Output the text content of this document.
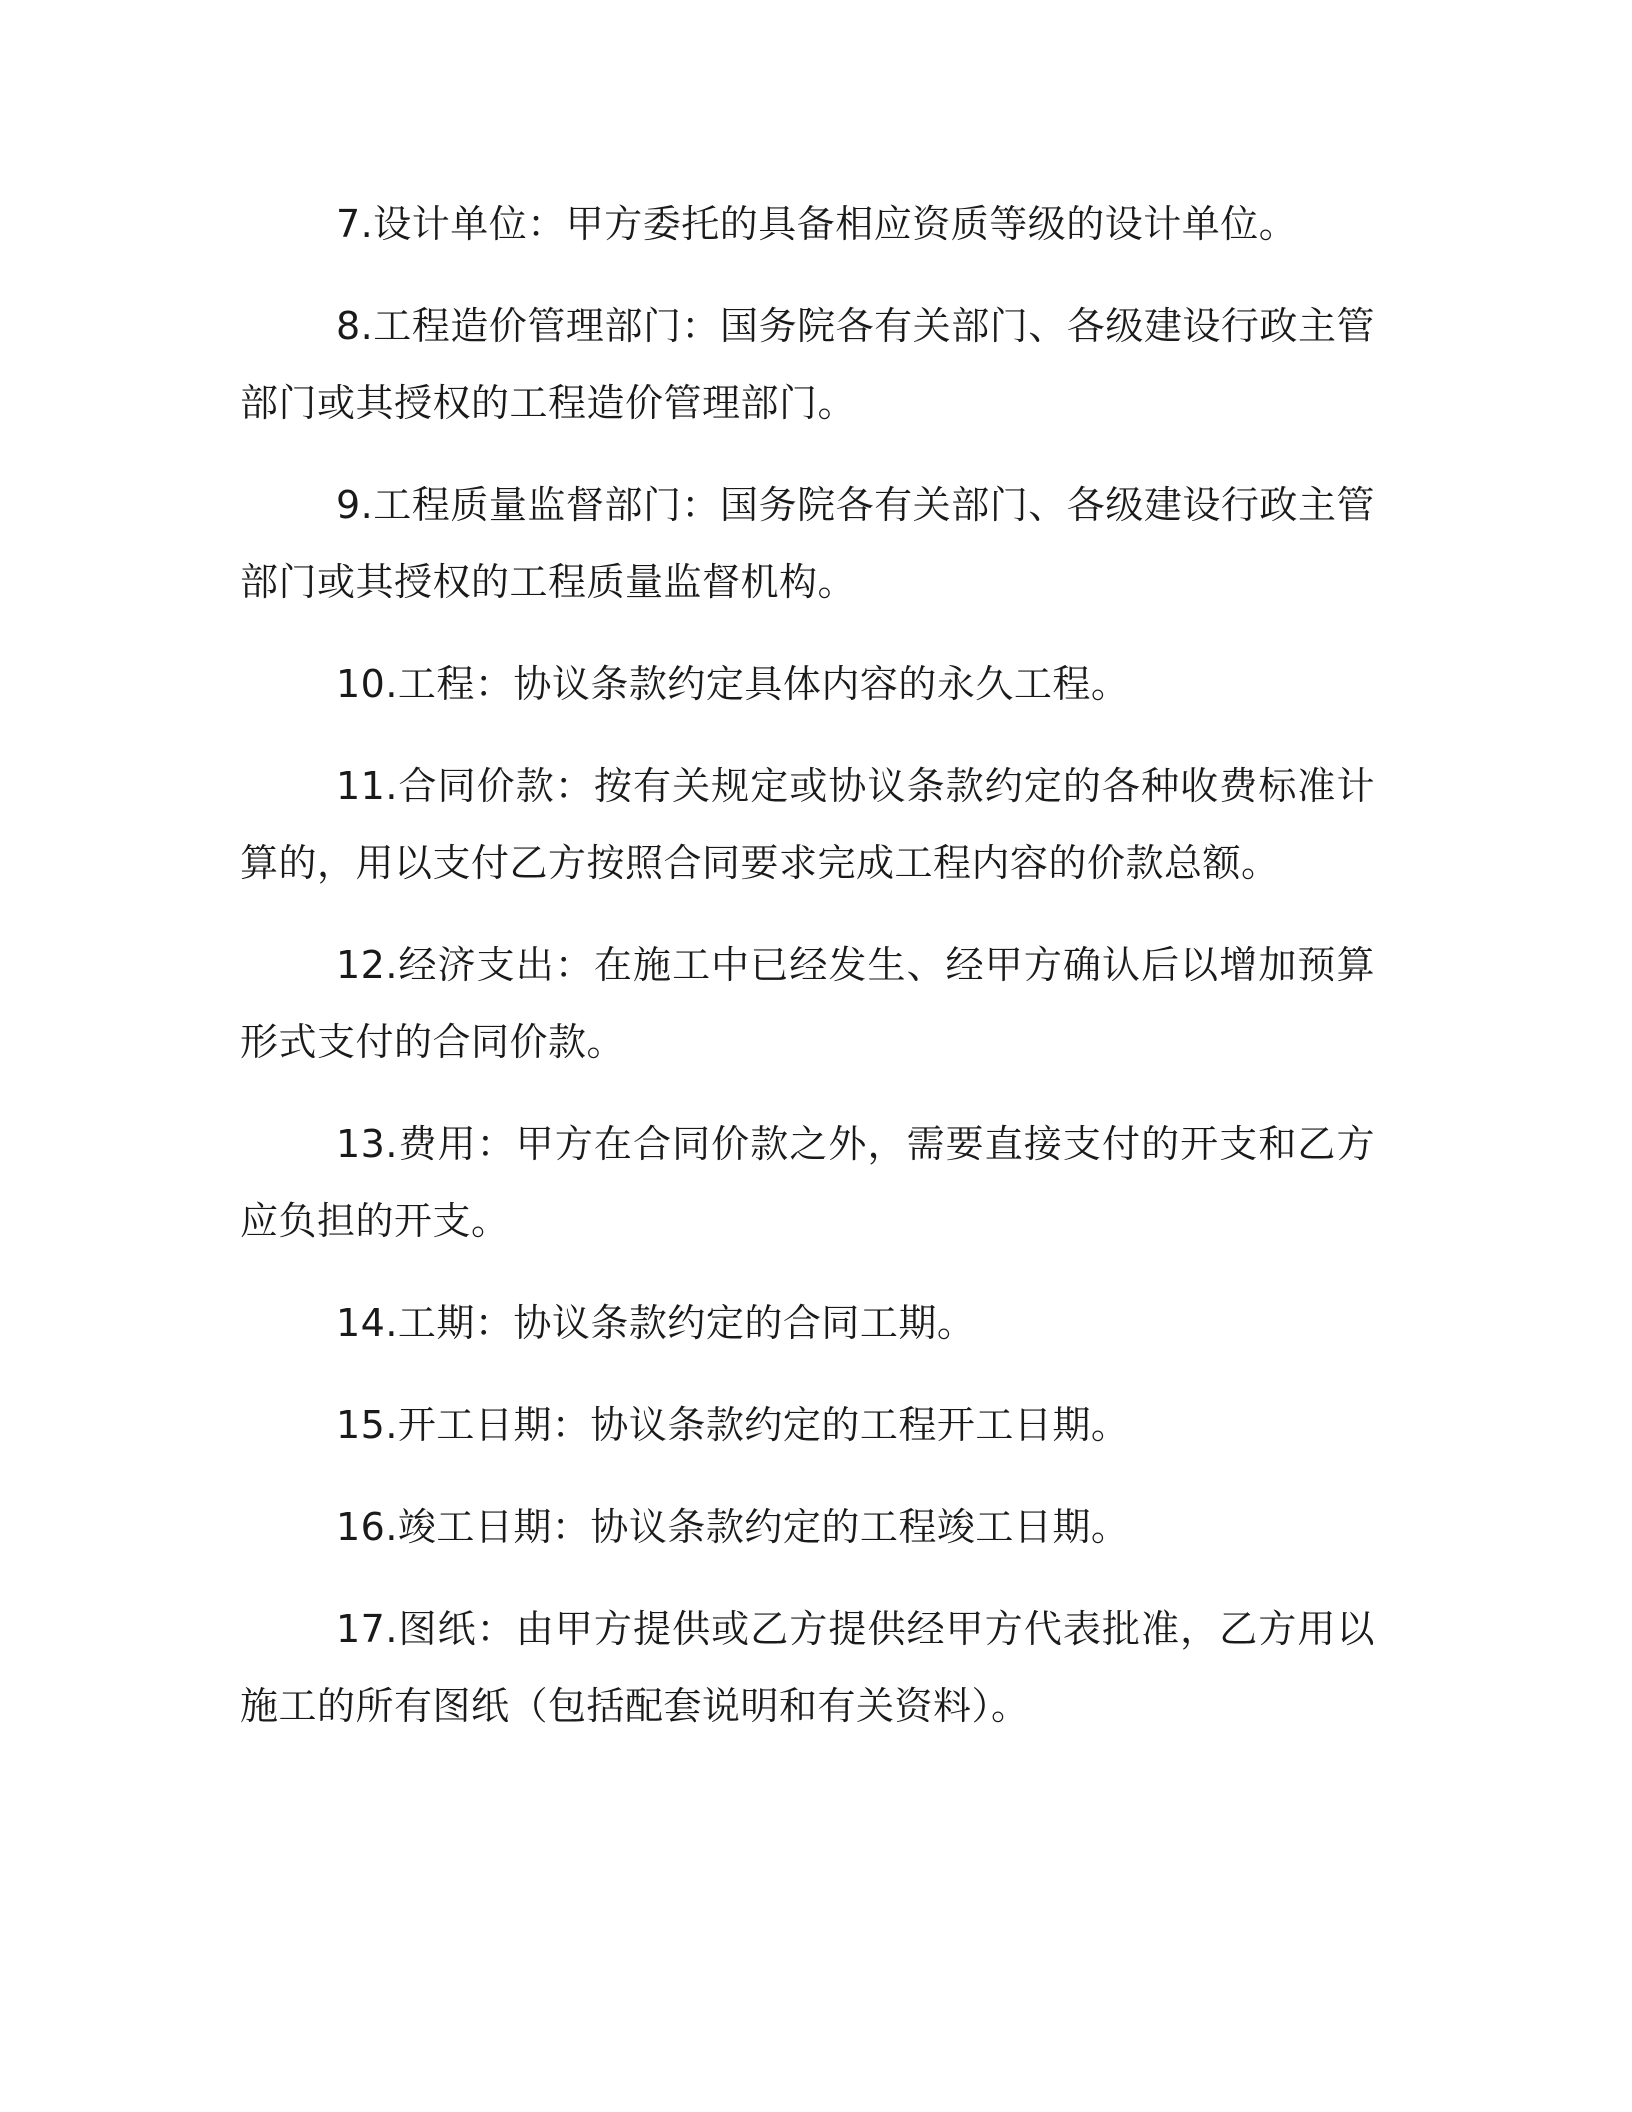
7.设计单位：甲方委托的具备相应资质等级的设计单位。

8.工程造价管理部门：国务院各有关部门、各级建设行政主管部门或其授权的工程造价管理部门。

9.工程质量监督部门：国务院各有关部门、各级建设行政主管部门或其授权的工程质量监督机构。

10.工程：协议条款约定具体内容的永久工程。

11.合同价款：按有关规定或协议条款约定的各种收费标准计算的，用以支付乙方按照合同要求完成工程内容的价款总额。

12.经济支出：在施工中已经发生、经甲方确认后以增加预算形式支付的合同价款。

13.费用：甲方在合同价款之外，需要直接支付的开支和乙方应负担的开支。

14.工期：协议条款约定的合同工期。

15.开工日期：协议条款约定的工程开工日期。

16.竣工日期：协议条款约定的工程竣工日期。

17.图纸：由甲方提供或乙方提供经甲方代表批准，乙方用以施工的所有图纸（包括配套说明和有关资料）。
